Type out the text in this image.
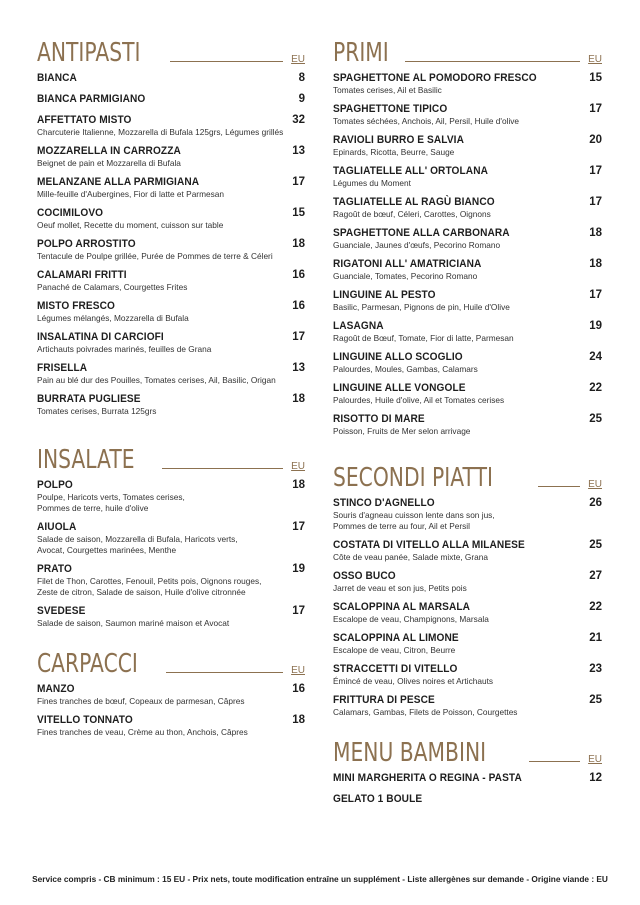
ANTIPASTI	EU
BIANCA	8
BIANCA PARMIGIANO	9
AFFETTATO MISTO	32
Charcuterie Italienne, Mozzarella di Bufala 125grs, Légumes grillés
MOZZARELLA IN CARROZZA	13
Beignet de pain et Mozzarella di Bufala
MELANZANE ALLA PARMIGIANA	17
Mille-feuille d'Aubergines, Fior di latte et Parmesan
COCIMILOVO	15
Oeuf mollet, Recette du moment, cuisson sur table
POLPO ARROSTITO	18
Tentacule de Poulpe grillée, Purée de Pommes de terre & Céleri
CALAMARI FRITTI	16
Panaché de Calamars, Courgettes Frites
MISTO FRESCO	16
Légumes mélangés, Mozzarella di Bufala
INSALATINA DI CARCIOFI	17
Artichauts poivrades marinés, feuilles de Grana
FRISELLA	13
Pain au blé dur des Pouilles, Tomates cerises, Ail, Basilic, Origan
BURRATA PUGLIESE	18
Tomates cerises, Burrata 125grs
INSALATE	EU
POLPO	18
Poulpe, Haricots verts, Tomates cerises,
Pommes de terre, huile d'olive
AIUOLA	17
Salade de saison, Mozzarella di Bufala, Haricots verts,
Avocat, Courgettes marinées, Menthe
PRATO	19
Filet de Thon, Carottes, Fenouil, Petits pois, Oignons rouges,
Zeste de citron, Salade de saison, Huile d'olive citronnée
SVEDESE	17
Salade de saison, Saumon mariné maison et Avocat
CARPACCI	EU
MANZO	16
Fines tranches de bœuf, Copeaux de parmesan, Câpres
VITELLO TONNATO	18
Fines tranches de veau, Crème au thon, Anchois, Câpres
PRIMI	EU
SPAGHETTONE AL POMODORO FRESCO	15
Tomates cerises, Ail et Basilic
SPAGHETTONE TIPICO	17
Tomates séchées, Anchois, Ail, Persil, Huile d'olive
RAVIOLI BURRO E SALVIA	20
Epinards, Ricotta, Beurre, Sauge
TAGLIATELLE ALL' ORTOLANA	17
Légumes du Moment
TAGLIATELLE AL RAGÙ BIANCO	17
Ragoût de bœuf, Céleri, Carottes, Oignons
SPAGHETTONE ALLA CARBONARA	18
Guanciale, Jaunes d'œufs, Pecorino Romano
RIGATONI ALL' AMATRICIANA	18
Guanciale, Tomates, Pecorino Romano
LINGUINE AL PESTO	17
Basilic, Parmesan, Pignons de pin, Huile d'Olive
LASAGNA	19
Ragoût de Bœuf, Tomate, Fior di latte, Parmesan
LINGUINE ALLO SCOGLIO	24
Palourdes, Moules, Gambas, Calamars
LINGUINE ALLE VONGOLE	22
Palourdes, Huile d'olive, Ail et Tomates cerises
RISOTTO DI MARE	25
Poisson, Fruits de Mer selon arrivage
SECONDI PIATTI	EU
STINCO D'AGNELLO	26
Souris d'agneau cuisson lente dans son jus,
Pommes de terre au four, Ail et Persil
COSTATA DI VITELLO ALLA MILANESE	25
Côte de veau panée, Salade mixte, Grana
OSSO BUCO	27
Jarret de veau et son jus, Petits pois
SCALOPPINA AL MARSALA	22
Escalope de veau, Champignons, Marsala
SCALOPPINA AL LIMONE	21
Escalope de veau, Citron, Beurre
STRACCETTI DI VITELLO	23
Émincé de veau, Olives noires et Artichauts
FRITTURA DI PESCE	25
Calamars, Gambas, Filets de Poisson, Courgettes
MENU BAMBINI	EU
MINI MARGHERITA O REGINA - PASTA	12
GELATO 1 BOULE
Service compris - CB minimum : 15 EU - Prix nets, toute modification entraîne un supplément - Liste allergènes sur demande - Origine viande : EU
